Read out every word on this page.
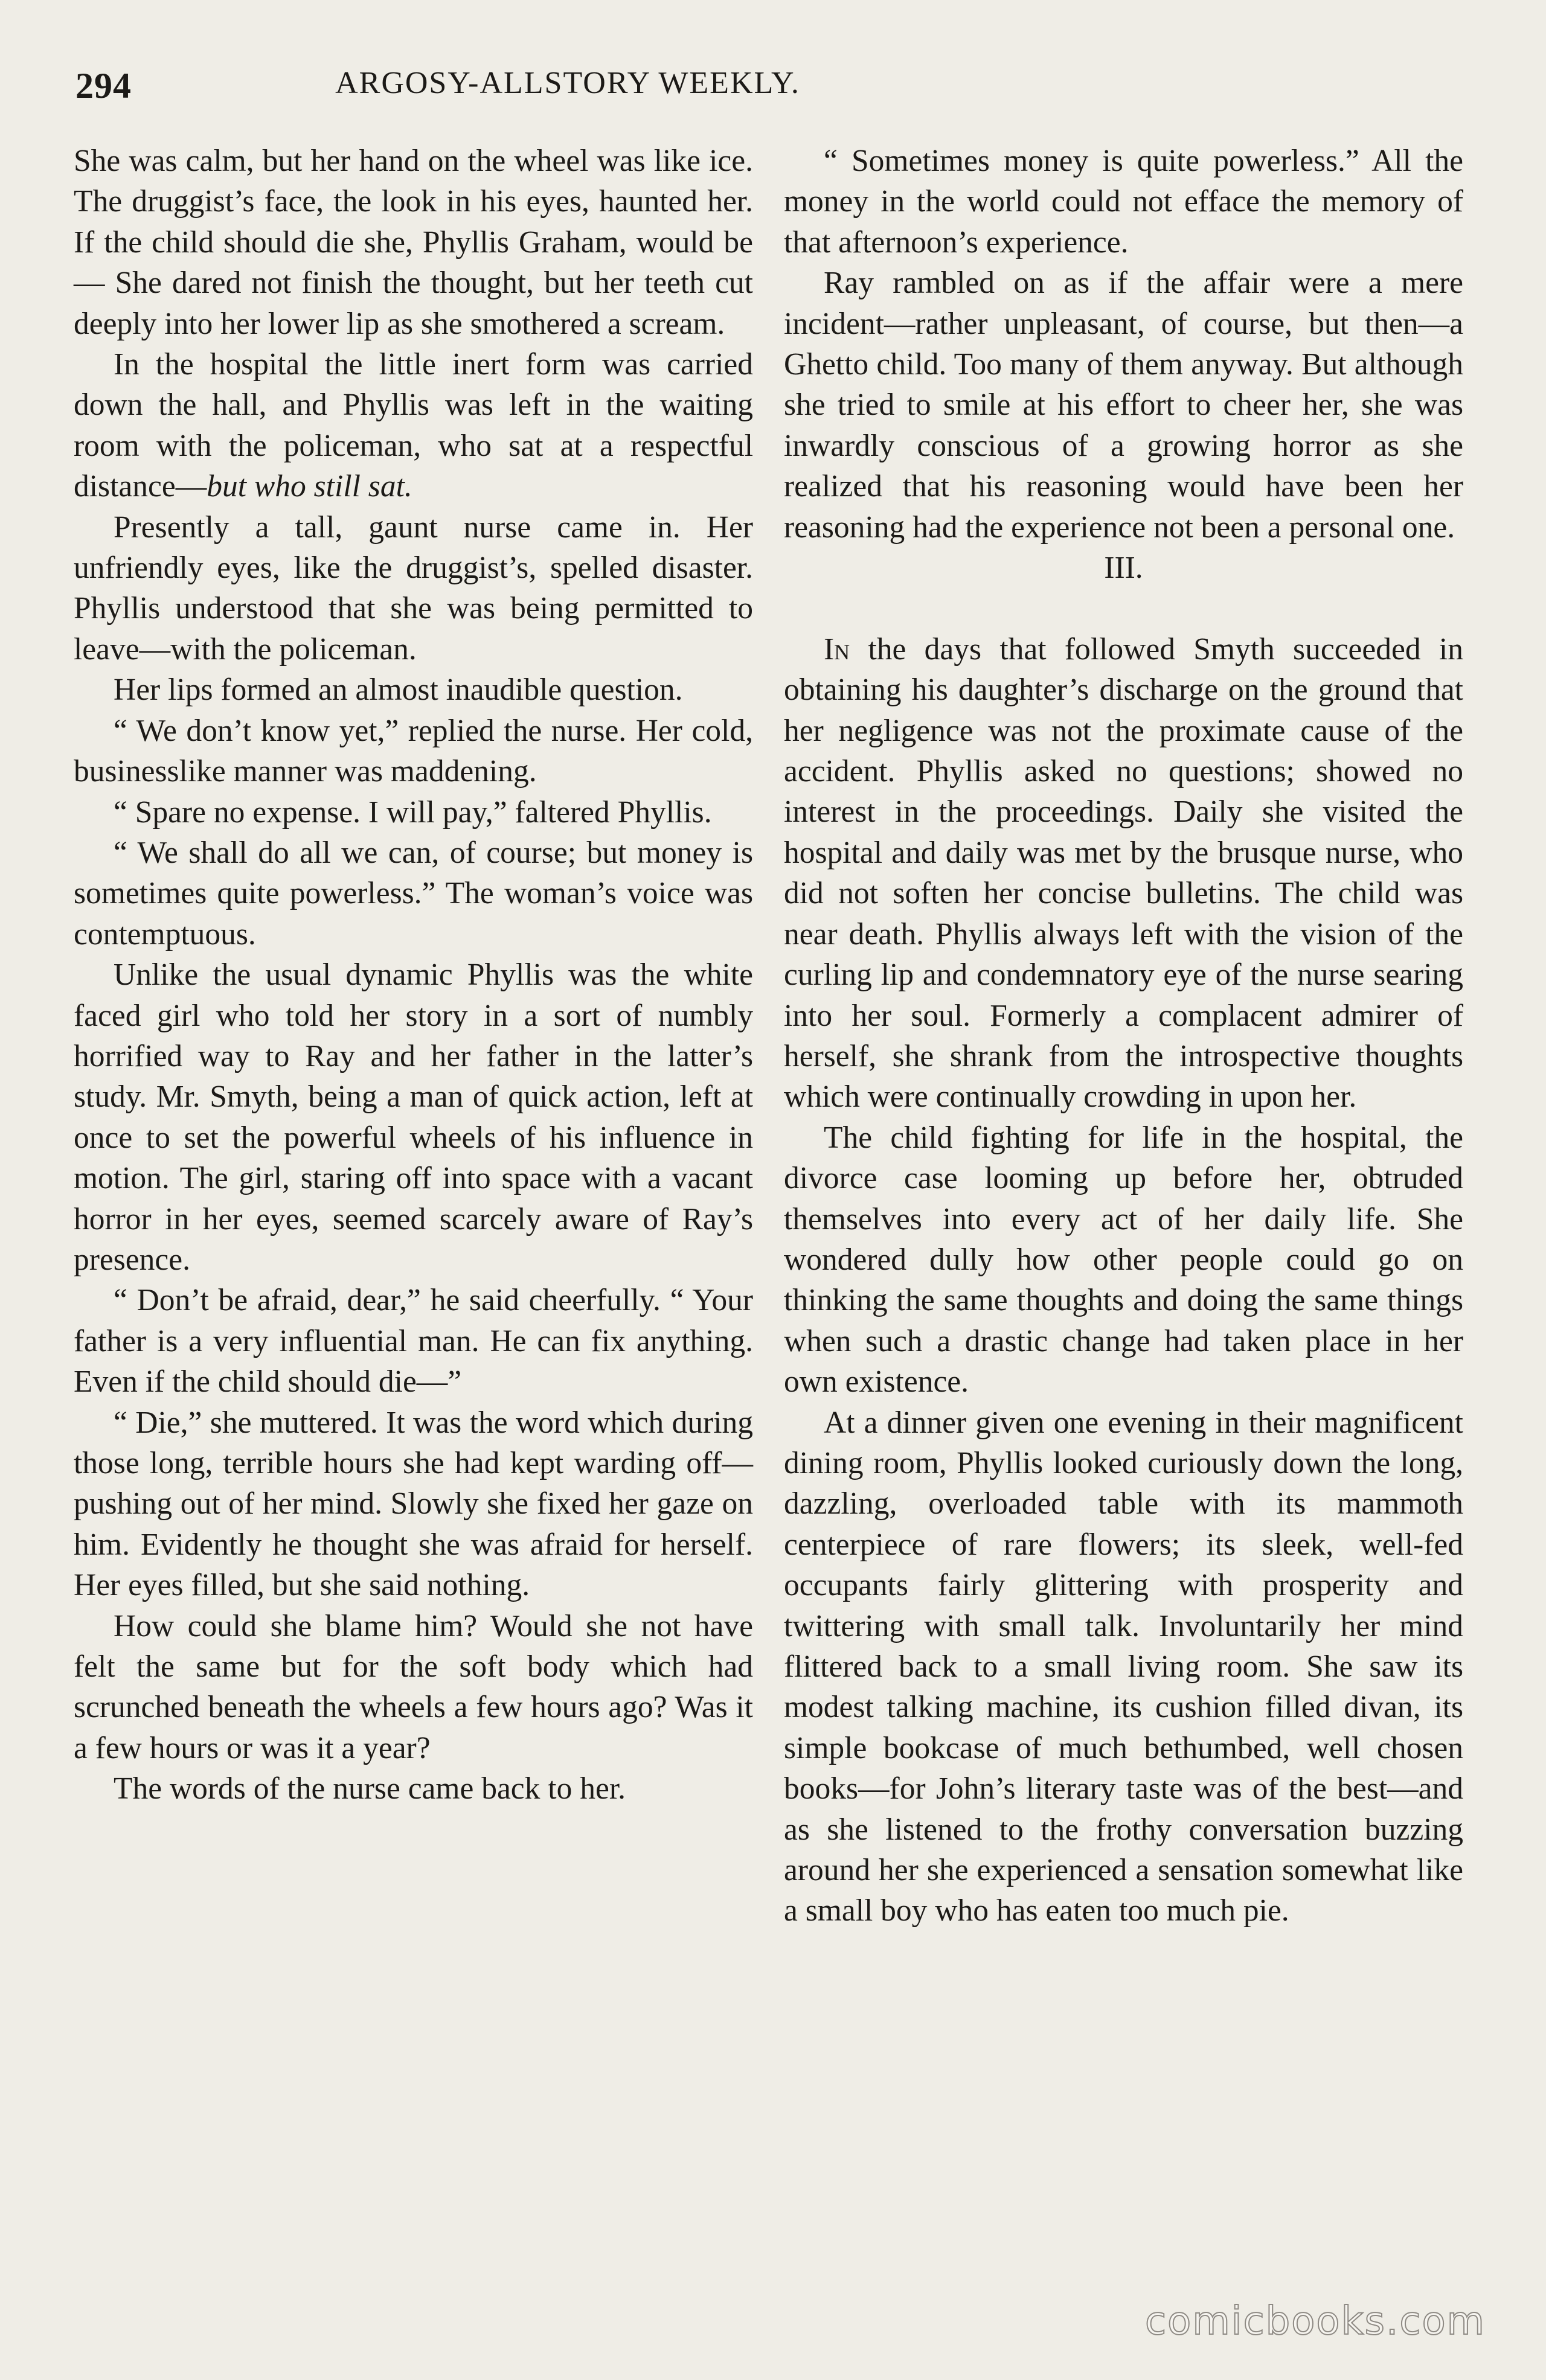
294	ARGOSY-ALLSTORY WEEKLY.

She was calm, but her hand on the wheel was like ice. The druggist’s face, the look in his eyes, haunted her. If the child should die she, Phyllis Graham, would be— She dared not finish the thought, but her teeth cut deeply into her lower lip as she smothered a scream.

In the hospital the little inert form was carried down the hall, and Phyllis was left in the waiting room with the policeman, who sat at a respectful distance—but who still sat.

Presently a tall, gaunt nurse came in. Her unfriendly eyes, like the druggist’s, spelled disaster. Phyllis understood that she was being permitted to leave—with the policeman.

Her lips formed an almost inaudible question.

“ We don’t know yet,” replied the nurse. Her cold, businesslike manner was maddening.

“ Spare no expense. I will pay,” faltered Phyllis.

“ We shall do all we can, of course; but money is sometimes quite powerless.” The woman’s voice was contemptuous.

Unlike the usual dynamic Phyllis was the white faced girl who told her story in a sort of numbly horrified way to Ray and her father in the latter’s study. Mr. Smyth, being a man of quick action, left at once to set the powerful wheels of his influence in motion. The girl, staring off into space with a vacant horror in her eyes, seemed scarcely aware of Ray’s presence.

“ Don’t be afraid, dear,” he said cheerfully. “ Your father is a very influential man. He can fix anything. Even if the child should die—”

“ Die,” she muttered. It was the word which during those long, terrible hours she had kept warding off—pushing out of her mind. Slowly she fixed her gaze on him. Evidently he thought she was afraid for herself. Her eyes filled, but she said nothing.

How could she blame him? Would she not have felt the same but for the soft body which had scrunched beneath the wheels a few hours ago? Was it a few hours or was it a year?

The words of the nurse came back to her.

“ Sometimes money is quite powerless.” All the money in the world could not efface the memory of that afternoon’s experience.

Ray rambled on as if the affair were a mere incident—rather unpleasant, of course, but then—a Ghetto child. Too many of them anyway. But although she tried to smile at his effort to cheer her, she was inwardly conscious of a growing horror as she realized that his reasoning would have been her reasoning had the experience not been a personal one.

III.

In the days that followed Smyth succeeded in obtaining his daughter’s discharge on the ground that her negligence was not the proximate cause of the accident. Phyllis asked no questions; showed no interest in the proceedings. Daily she visited the hospital and daily was met by the brusque nurse, who did not soften her concise bulletins. The child was near death. Phyllis always left with the vision of the curling lip and condemnatory eye of the nurse searing into her soul. Formerly a complacent admirer of herself, she shrank from the introspective thoughts which were continually crowding in upon her.

The child fighting for life in the hospital, the divorce case looming up before her, obtruded themselves into every act of her daily life. She wondered dully how other people could go on thinking the same thoughts and doing the same things when such a drastic change had taken place in her own existence.

At a dinner given one evening in their magnificent dining room, Phyllis looked curiously down the long, dazzling, overloaded table with its mammoth centerpiece of rare flowers; its sleek, well-fed occupants fairly glittering with prosperity and twittering with small talk. Involuntarily her mind flittered back to a small living room. She saw its modest talking machine, its cushion filled divan, its simple bookcase of much bethumbed, well chosen books—for John’s literary taste was of the best—and as she listened to the frothy conversation buzzing around her she experienced a sensation somewhat like a small boy who has eaten too much pie.

comicbooks.com
